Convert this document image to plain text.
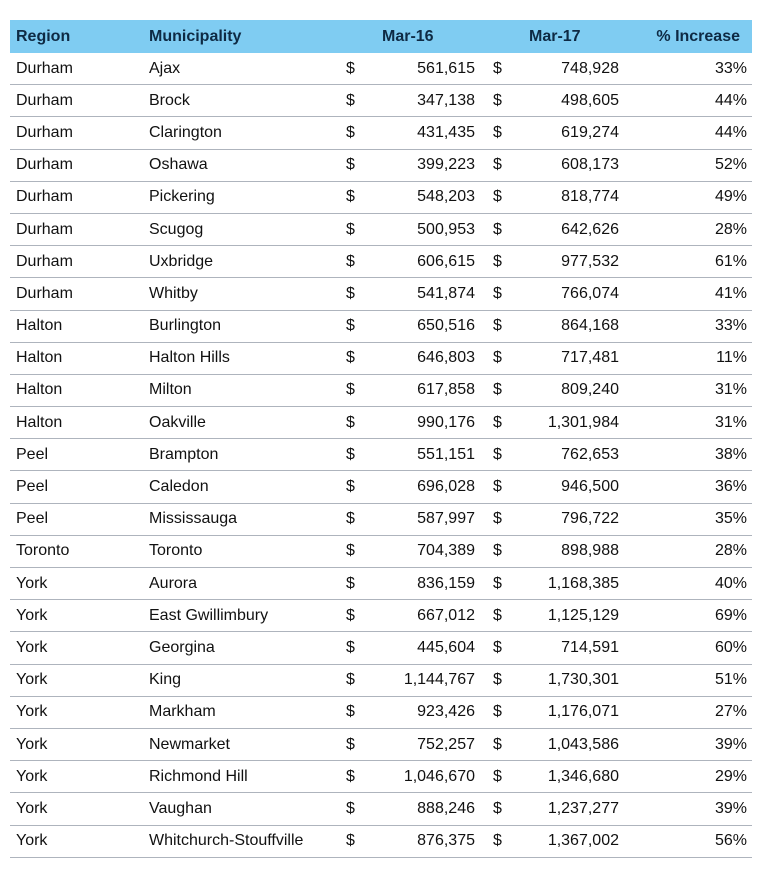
Region	Municipality	Mar-16	Mar-17	% Increase
Durham	Ajax	$	561,615 $	748,928	33%
Durham	Brock	$	347,138 $	498,605	44%
Durham	Clarington	$	431,435 $	619,274	44%
Durham	Oshawa	$	399,223 $	608,173	52%
Durham	Pickering	$	548,203 $	818,774	49%
Durham	Scugog	$	500,953 $	642,626	28%
Durham	Uxbridge	$	606,615 $	977,532	61%
Durham	Whitby	$	541,874 $	766,074	41%
Halton	Burlington	$	650,516 $	864,168	33%
Halton	Halton Hills	$	646,803 $	717,481	11%
Halton	Milton	$	617,858 $	809,240	31%
Halton	Oakville	$	990,176 $	1,301,984	31%
Peel	Brampton	$	551,151 $	762,653	38%
Peel	Caledon	$	696,028 $	946,500	36%
Peel	Mississauga	$	587,997 $	796,722	35%
Toronto	Toronto	$	704,389 $	898,988	28%
York	Aurora	$	836,159 $	1,168,385	40%
York	East Gwillimbury	$	667,012 $	1,125,129	69%
York	Georgina	$	445,604 $	714,591	60%
York	King	$	1,144,767 $	1,730,301	51%
York	Markham	$	923,426 $	1,176,071	27%
York	Newmarket	$	752,257 $	1,043,586	39%
York	Richmond Hill	$	1,046,670 $	1,346,680	29%
York	Vaughan	$	888,246 $	1,237,277	39%
York	Whitchurch-Stouffville	$	876,375 $	1,367,002	56%
